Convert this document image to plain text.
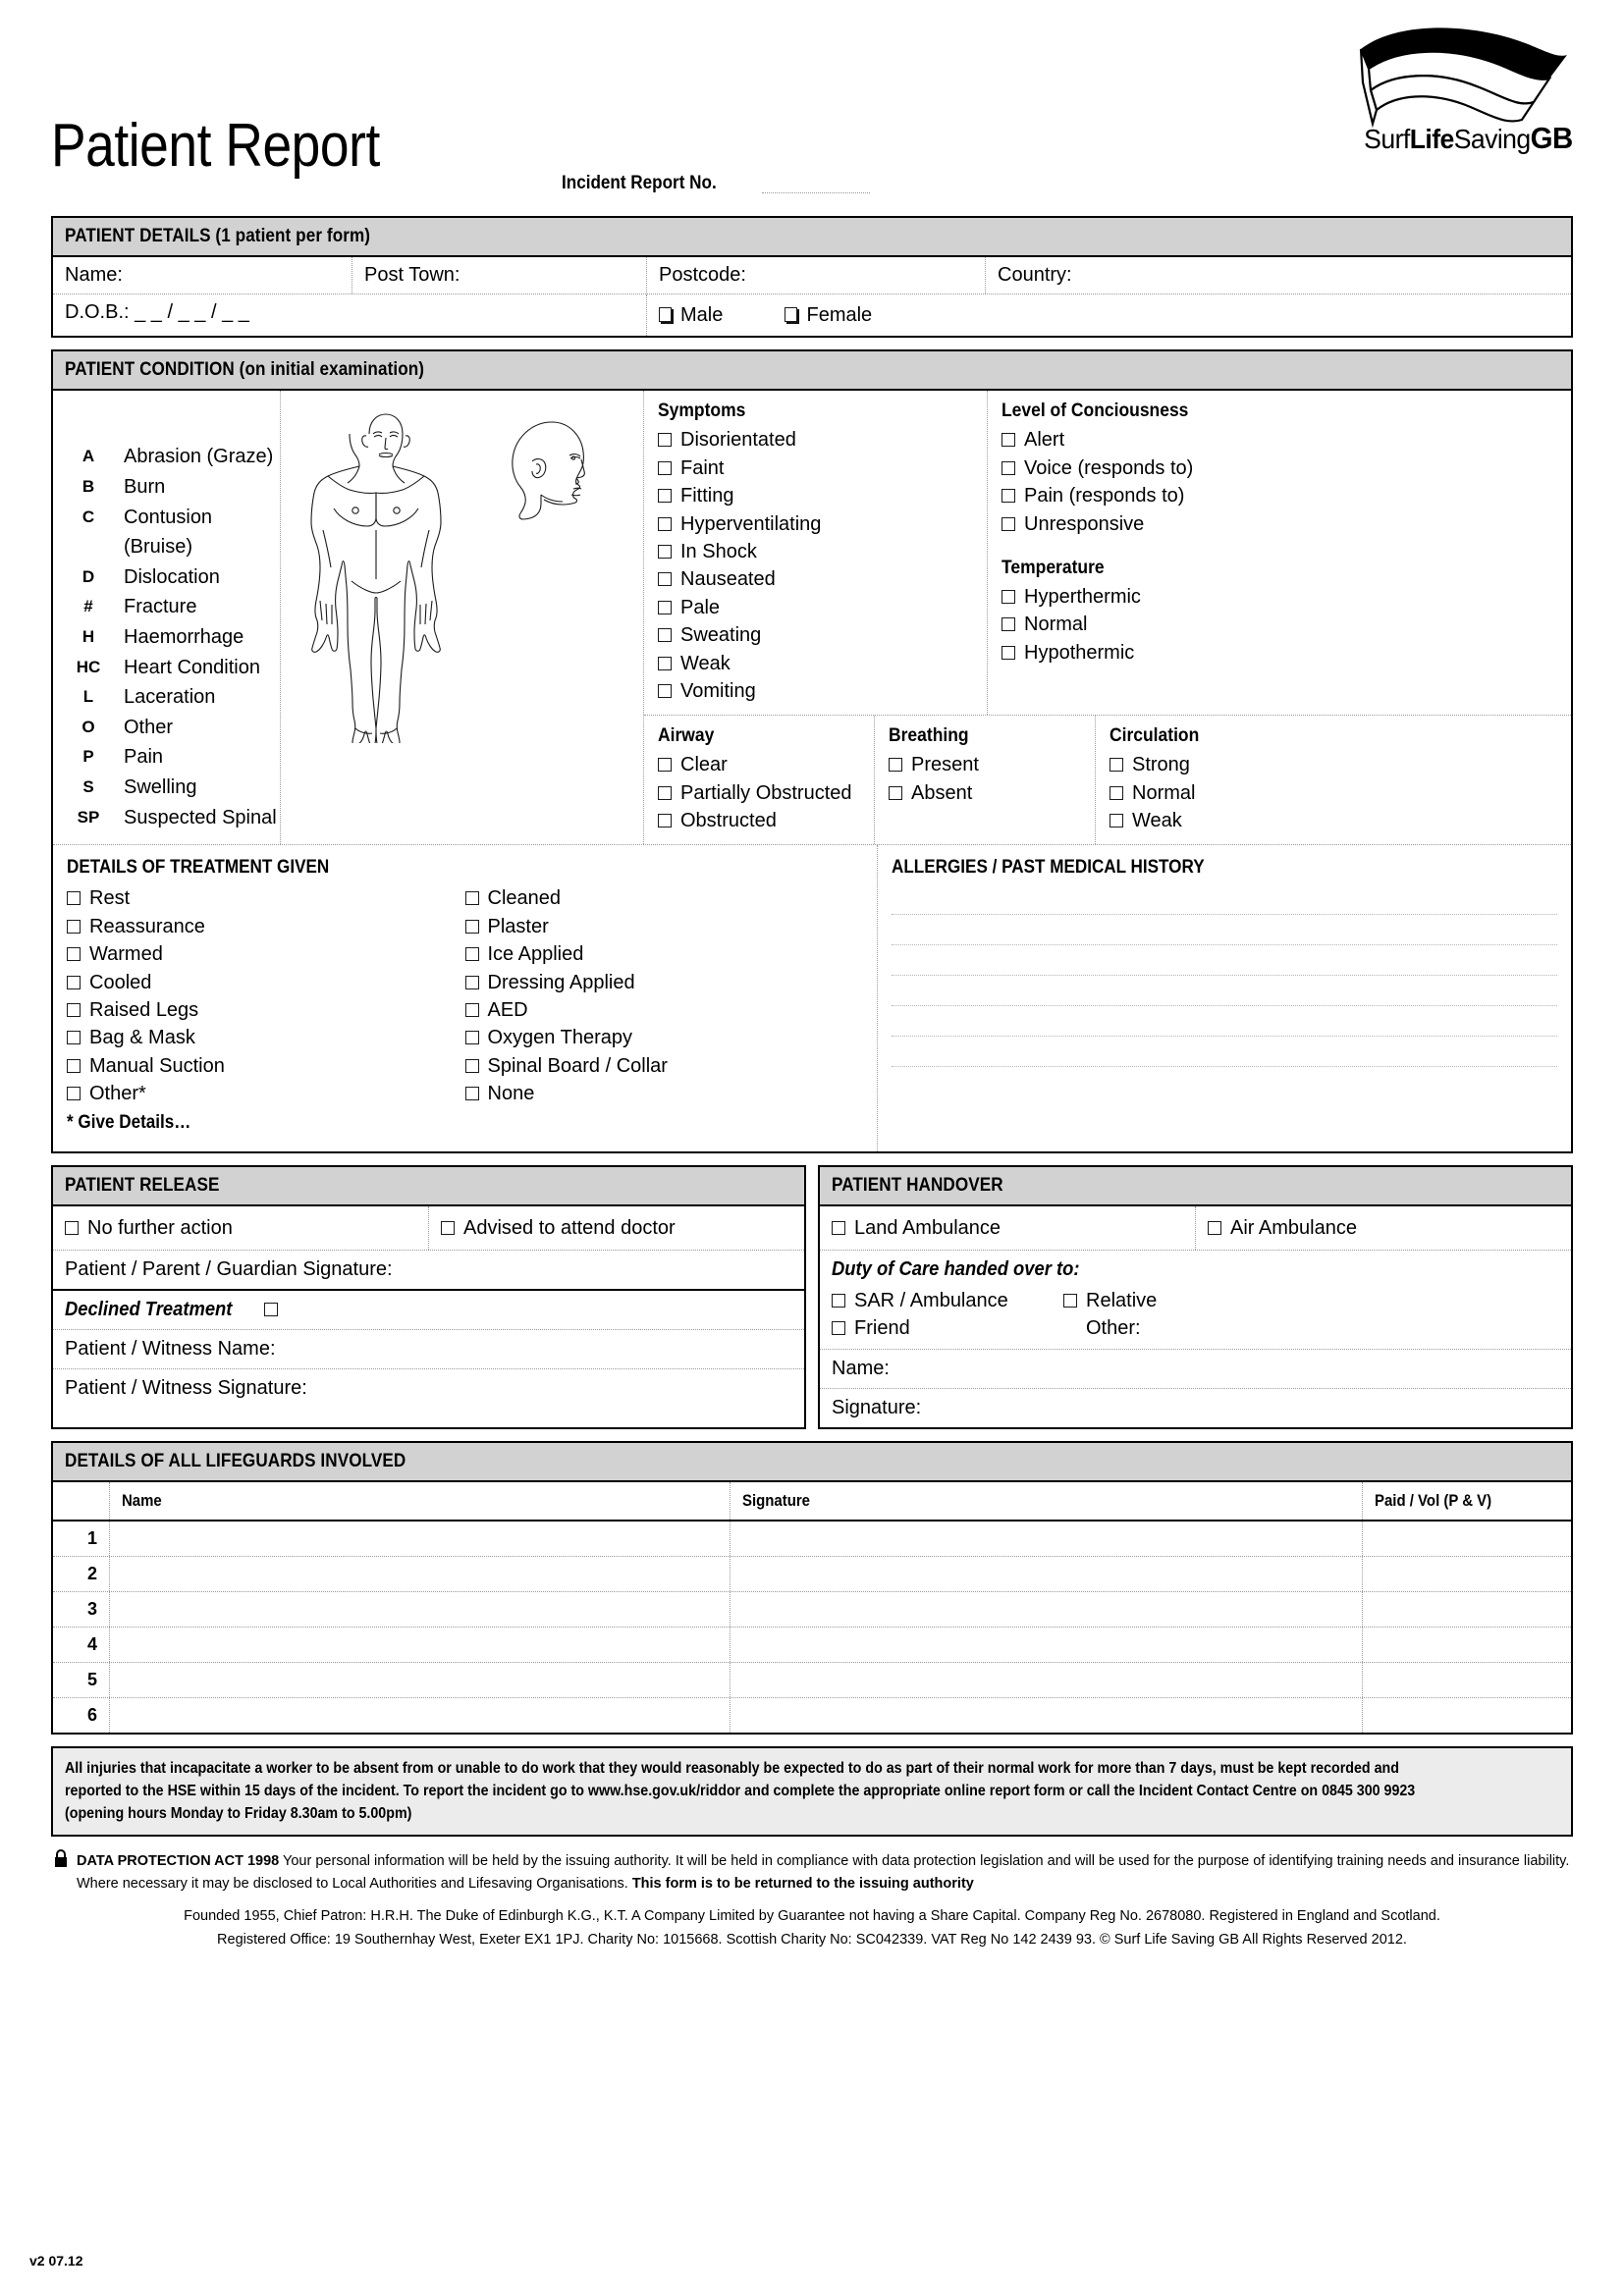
Patient Report
Incident Report No.
SurfLifeSavingGB
PATIENT DETAILS (1 patient per form)
Name:	Post Town:	Postcode:	Country:
D.O.B.: _ _ / _ _ / _ _	Male	Female
PATIENT CONDITION (on initial examination)
A	Abrasion (Graze)
B	Burn
C	Contusion (Bruise)
D	Dislocation
#	Fracture
H	Haemorrhage
HC	Heart Condition
L	Laceration
O	Other
P	Pain
S	Swelling
SP	Suspected Spinal
Symptoms
Disorientated
Faint
Fitting
Hyperventilating
In Shock
Nauseated
Pale
Sweating
Weak
Vomiting
Level of Conciousness
Alert
Voice (responds to)
Pain (responds to)
Unresponsive
Temperature
Hyperthermic
Normal
Hypothermic
Airway
Clear
Partially Obstructed
Obstructed
Breathing
Present
Absent
Circulation
Strong
Normal
Weak
DETAILS OF TREATMENT GIVEN
Rest
Reassurance
Warmed
Cooled
Raised Legs
Bag & Mask
Manual Suction
Other*
Cleaned
Plaster
Ice Applied
Dressing Applied
AED
Oxygen Therapy
Spinal Board / Collar
None
* Give Details…
ALLERGIES / PAST MEDICAL HISTORY
PATIENT RELEASE
No further action	Advised to attend doctor
Patient / Parent / Guardian Signature:
Declined Treatment
Patient / Witness Name:
Patient / Witness Signature:
PATIENT HANDOVER
Land Ambulance	Air Ambulance
Duty of Care handed over to:
SAR / Ambulance
Friend
Relative
Other:
Name:
Signature:
DETAILS OF ALL LIFEGUARDS INVOLVED
Name	Signature	Paid / Vol (P & V)
1
2
3
4
5
6
All injuries that incapacitate a worker to be absent from or unable to do work that they would reasonably be expected to do as part of their normal work for more than 7 days, must be kept recorded and reported to the HSE within 15 days of the incident. To report the incident go to www.hse.gov.uk/riddor and complete the appropriate online report form or call the Incident Contact Centre on 0845 300 9923 (opening hours Monday to Friday 8.30am to 5.00pm)
DATA PROTECTION ACT 1998 Your personal information will be held by the issuing authority. It will be held in compliance with data protection legislation and will be used for the purpose of identifying training needs and insurance liability. Where necessary it may be disclosed to Local Authorities and Lifesaving Organisations. This form is to be returned to the issuing authority
Founded 1955, Chief Patron: H.R.H. The Duke of Edinburgh K.G., K.T. A Company Limited by Guarantee not having a Share Capital. Company Reg No. 2678080. Registered in England and Scotland.
Registered Office: 19 Southernhay West, Exeter EX1 1PJ. Charity No: 1015668. Scottish Charity No: SC042339. VAT Reg No 142 2439 93. © Surf Life Saving GB All Rights Reserved 2012.
v2 07.12
